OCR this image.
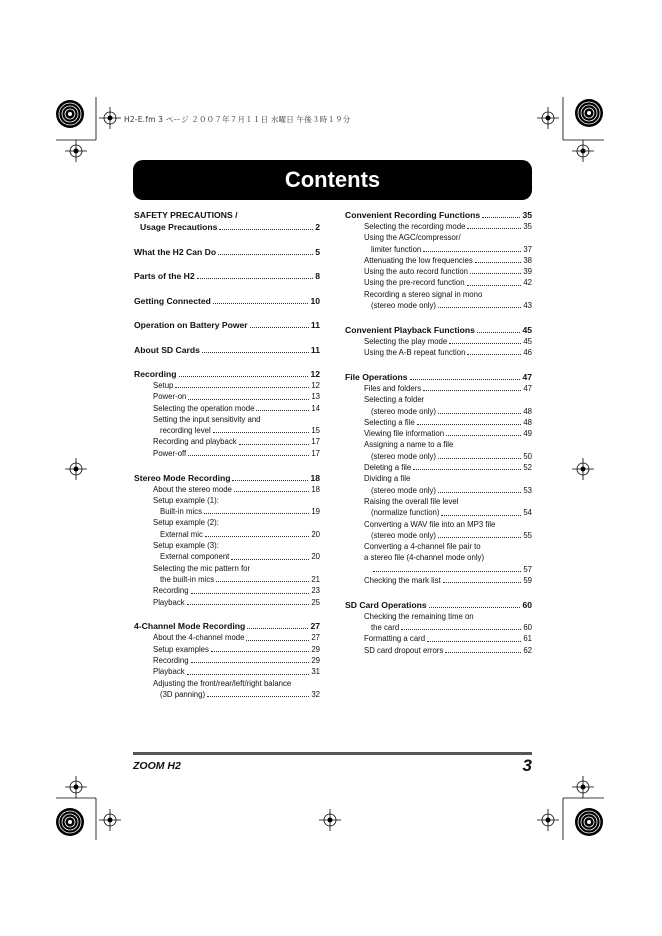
H2-E.fm 3 ページ ２００７年７月１１日 水曜日 午後３時１９分
Contents
SAFETY PRECAUTIONS /
Usage Precautions	2
What the H2 Can Do	5
Parts of the H2	8
Getting Connected	10
Operation on Battery Power	11
About SD Cards	11
Recording	12
Setup	12
Power-on	13
Selecting the operation mode	14
Setting the input sensitivity and
recording level	15
Recording and playback	17
Power-off	17
Stereo Mode Recording	18
About the stereo mode	18
Setup example (1):
Built-in mics	19
Setup example (2):
External mic	20
Setup example (3):
External component	20
Selecting the mic pattern for
the built-in mics	21
Recording	23
Playback	25
4-Channel Mode Recording	27
About the 4-channel mode	27
Setup examples	29
Recording	29
Playback	31
Adjusting the front/rear/left/right balance
(3D panning)	32
Convenient Recording Functions	35
Selecting the recording mode	35
Using the AGC/compressor/
limiter function	37
Attenuating the low frequencies	38
Using the auto record function	39
Using the pre-record function	42
Recording a stereo signal in mono
(stereo mode only)	43
Convenient Playback Functions	45
Selecting the play mode	45
Using the A-B repeat function	46
File Operations	47
Files and folders	47
Selecting a folder
(stereo mode only)	48
Selecting a file	48
Viewing file information	49
Assigning a name to a file
(stereo mode only)	50
Deleting a file	52
Dividing a file
(stereo mode only)	53
Raising the overall file level
(normalize function)	54
Converting a WAV file into an MP3 file
(stereo mode only)	55
Converting a 4-channel file pair to
a stereo file (4-channel mode only)
57
Checking the mark list	59
SD Card Operations	60
Checking the remaining time on
the card	60
Formatting a card	61
SD card dropout errors	62
ZOOM H2	3
